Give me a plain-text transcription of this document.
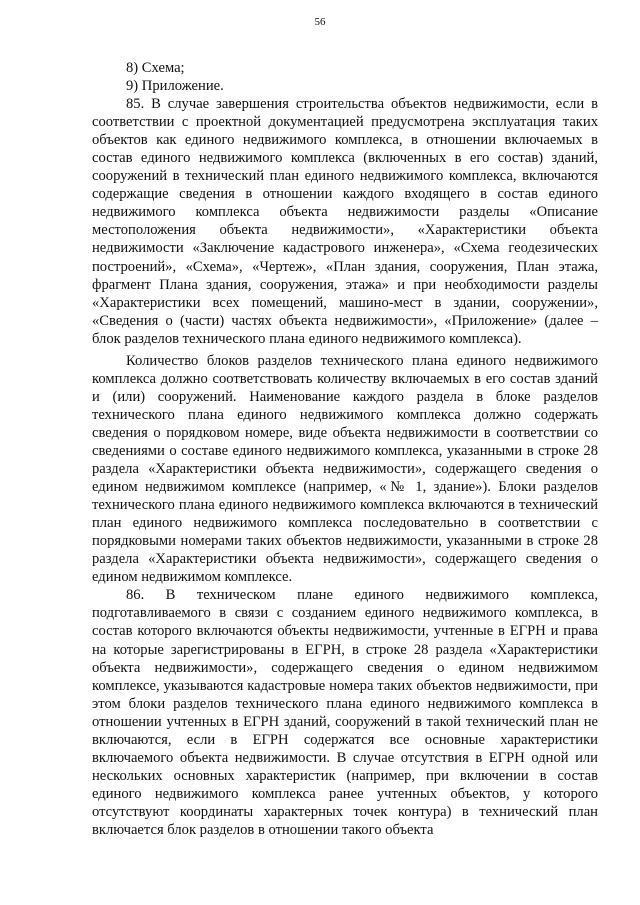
56

8) Схема;

9) Приложение.

85. В случае завершения строительства объектов недвижимости, если в соответствии с проектной документацией предусмотрена эксплуатация таких объектов как единого недвижимого комплекса, в отношении включаемых в состав единого недвижимого комплекса (включенных в его состав) зданий, сооружений в технический план единого недвижимого комплекса, включаются содержащие сведения в отношении каждого входящего в состав единого недвижимого комплекса объекта недвижимости разделы «Описание местоположения объекта недвижимости», «Характеристики объекта недвижимости «Заключение кадастрового инженера», «Схема геодезических построений», «Схема», «Чертеж», «План здания, сооружения, План этажа, фрагмент Плана здания, сооружения, этажа» и при необходимости разделы «Характеристики всех помещений, машино-мест в здании, сооружении», «Сведения о (части) частях объекта недвижимости», «Приложение» (далее – блок разделов технического плана единого недвижимого комплекса).

Количество блоков разделов технического плана единого недвижимого комплекса должно соответствовать количеству включаемых в его состав зданий и (или) сооружений. Наименование каждого раздела в блоке разделов технического плана единого недвижимого комплекса должно содержать сведения о порядковом номере, виде объекта недвижимости в соответствии со сведениями о составе единого недвижимого комплекса, указанными в строке 28 раздела «Характеристики объекта недвижимости», содержащего сведения о едином недвижимом комплексе (например, «№ 1, здание»). Блоки разделов технического плана единого недвижимого комплекса включаются в технический план единого недвижимого комплекса последовательно в соответствии с порядковыми номерами таких объектов недвижимости, указанными в строке 28 раздела «Характеристики объекта недвижимости», содержащего сведения о едином недвижимом комплексе.

86. В техническом плане единого недвижимого комплекса, подготавливаемого в связи с созданием единого недвижимого комплекса, в состав которого включаются объекты недвижимости, учтенные в ЕГРН и права на которые зарегистрированы в ЕГРН, в строке 28 раздела «Характеристики объекта недвижимости», содержащего сведения о едином недвижимом комплексе, указываются кадастровые номера таких объектов недвижимости, при этом блоки разделов технического плана единого недвижимого комплекса в отношении учтенных в ЕГРН зданий, сооружений в такой технический план не включаются, если в ЕГРН содержатся все основные характеристики включаемого объекта недвижимости. В случае отсутствия в ЕГРН одной или нескольких основных характеристик (например, при включении в состав единого недвижимого комплекса ранее учтенных объектов, у которого отсутствуют координаты характерных точек контура) в технический план включается блок разделов в отношении такого объекта
